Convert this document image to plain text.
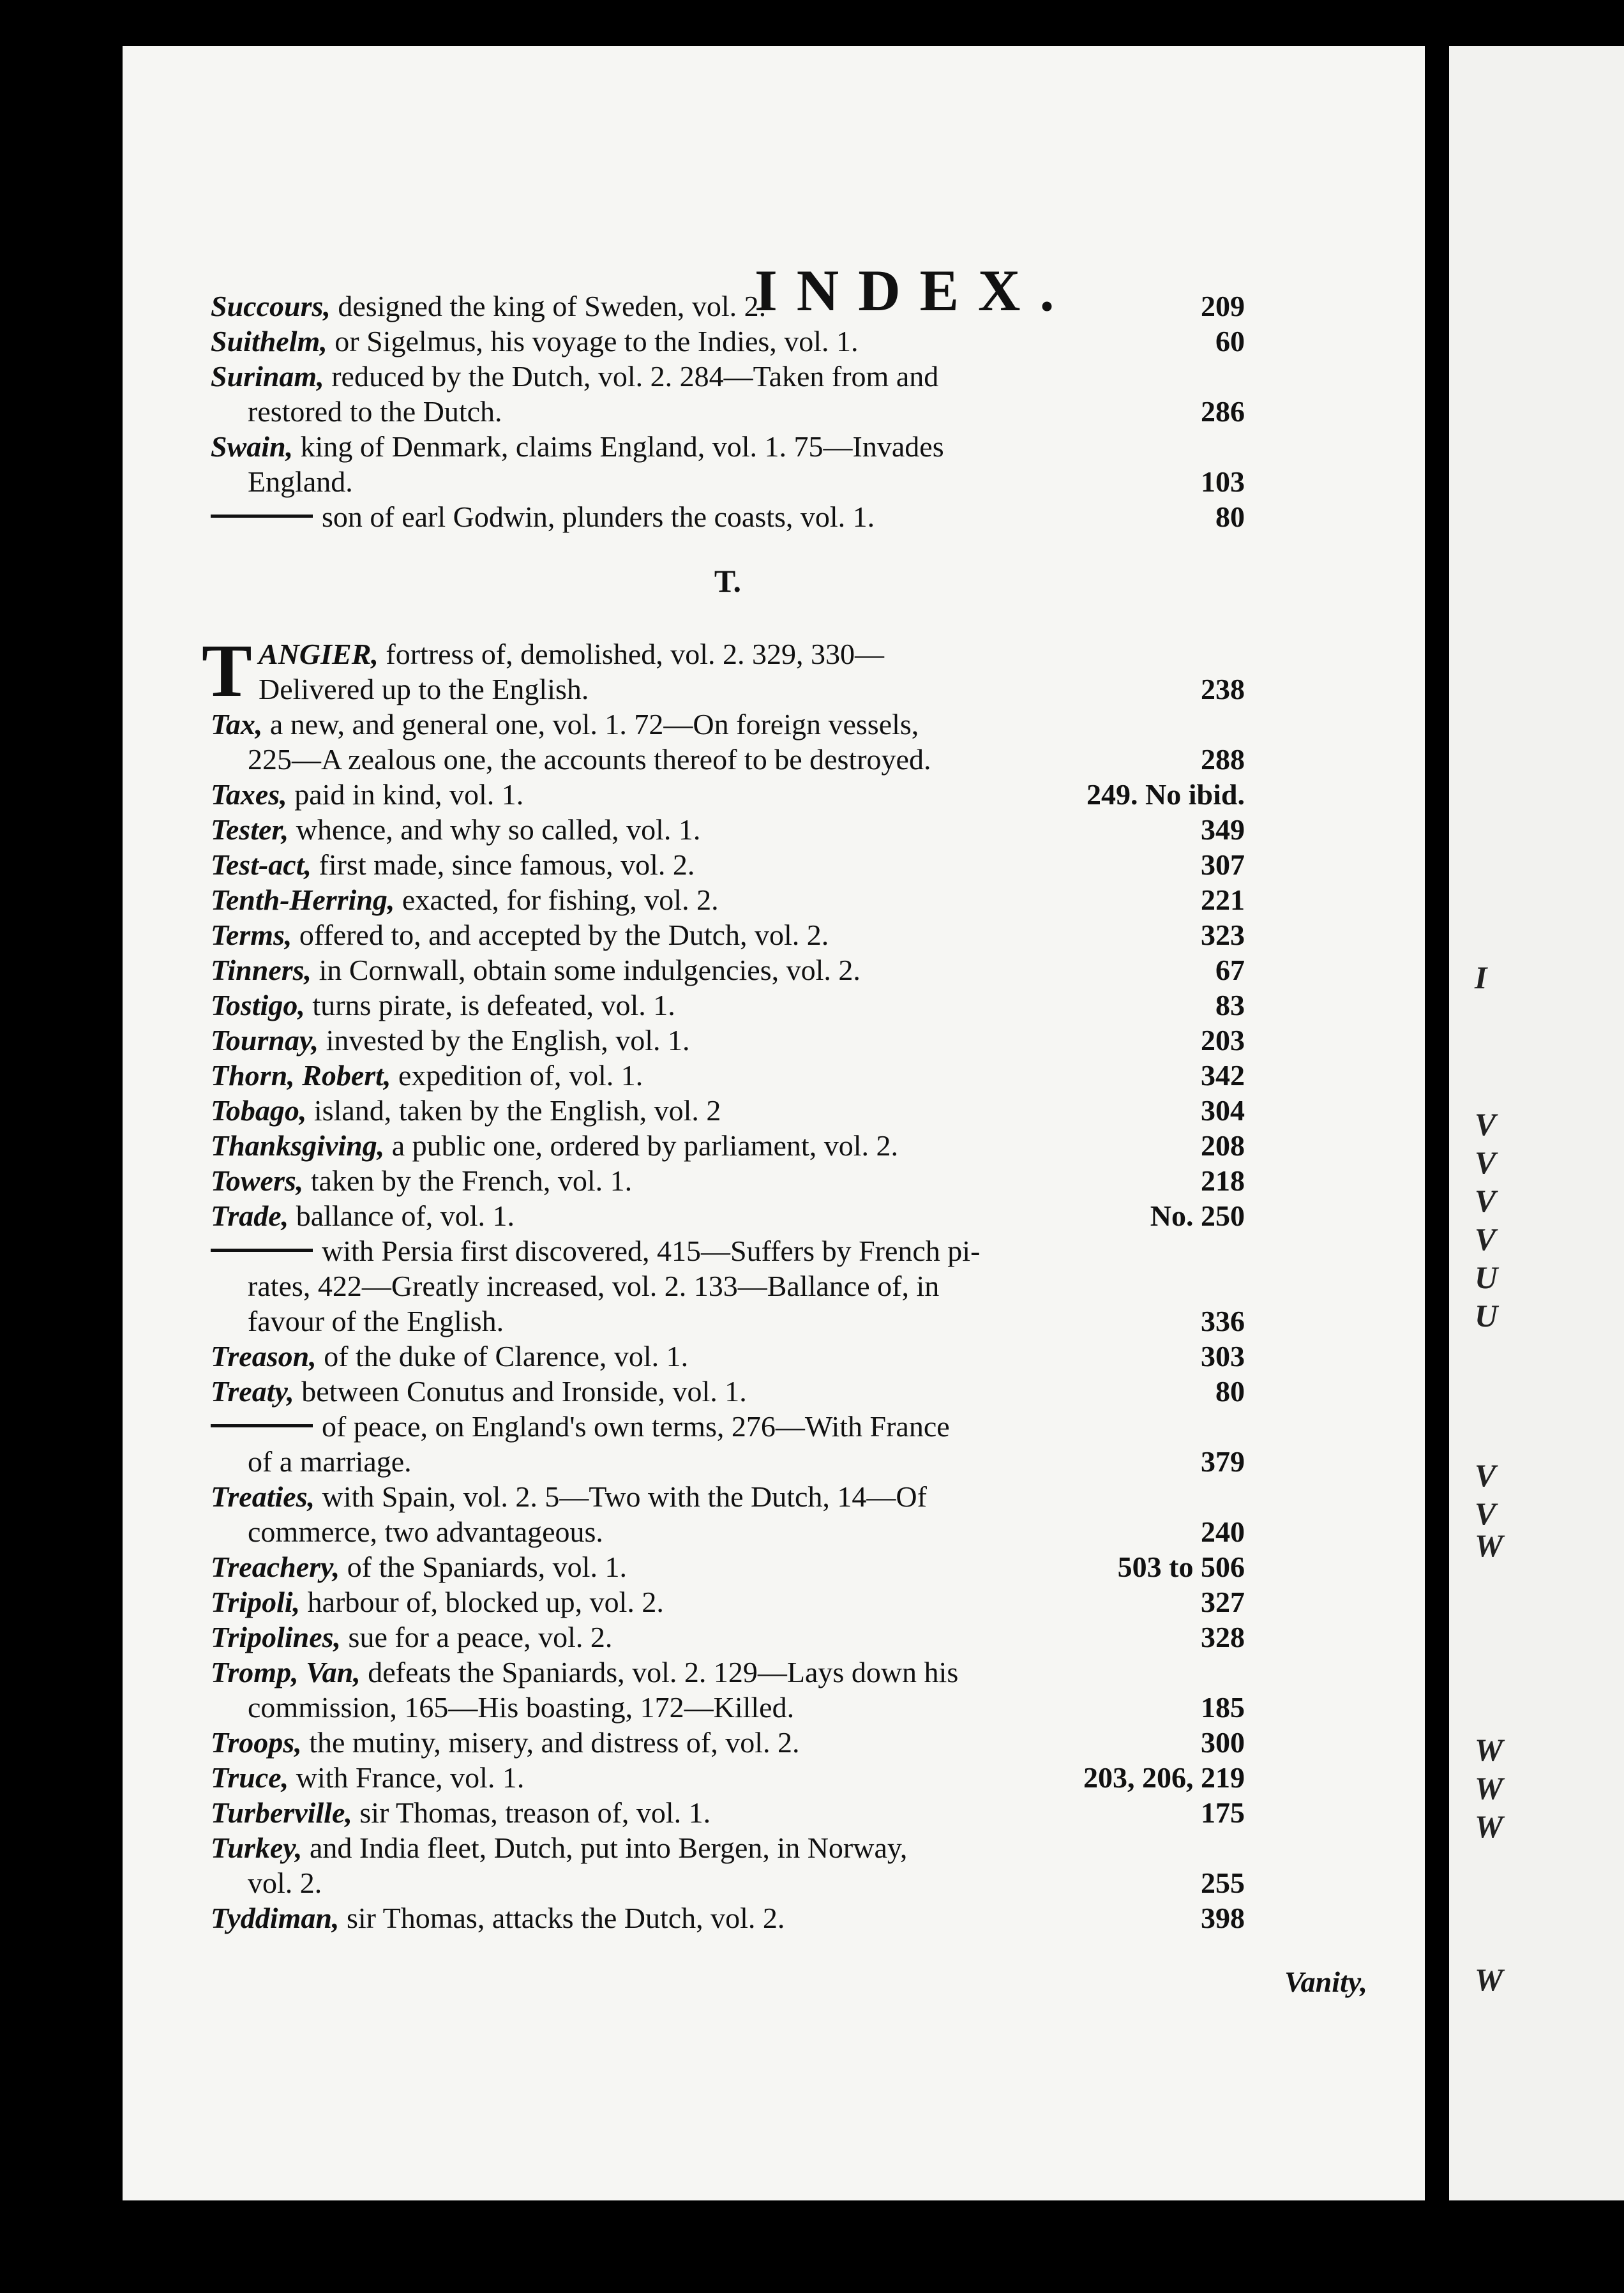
INDEX.
Vanity,
I
V
V
V
V
U
U
V
V
W
W
W
W
W
Succours, designed the king of Sweden, vol. 2.	209
Suithelm, or Sigelmus, his voyage to the Indies, vol. 1.	60
Surinam, reduced by the Dutch, vol. 2. 284—Taken from and
restored to the Dutch.	286
Swain, king of Denmark, claims England, vol. 1. 75—Invades
England.	103
son of earl Godwin, plunders the coasts, vol. 1.	80
T.
T ANGIER, fortress of, demolished, vol. 2. 329, 330—
Delivered up to the English.	238
Tax, a new, and general one, vol. 1. 72—On foreign vessels,
225—A zealous one, the accounts thereof to be destroyed.	288
Taxes, paid in kind, vol. 1.	249. No ibid.
Tester, whence, and why so called, vol. 1.	349
Test-act, first made, since famous, vol. 2.	307
Tenth-Herring, exacted, for fishing, vol. 2.	221
Terms, offered to, and accepted by the Dutch, vol. 2.	323
Tinners, in Cornwall, obtain some indulgencies, vol. 2.	67
Tostigo, turns pirate, is defeated, vol. 1.	83
Tournay, invested by the English, vol. 1.	203
Thorn, Robert, expedition of, vol. 1.	342
Tobago, island, taken by the English, vol. 2	304
Thanksgiving, a public one, ordered by parliament, vol. 2.	208
Towers, taken by the French, vol. 1.	218
Trade, ballance of, vol. 1.	No. 250
with Persia first discovered, 415—Suffers by French pi-
rates, 422—Greatly increased, vol. 2. 133—Ballance of, in
favour of the English.	336
Treason, of the duke of Clarence, vol. 1.	303
Treaty, between Conutus and Ironside, vol. 1.	80
of peace, on England's own terms, 276—With France
of a marriage.	379
Treaties, with Spain, vol. 2. 5—Two with the Dutch, 14—Of
commerce, two advantageous.	240
Treachery, of the Spaniards, vol. 1.	503 to 506
Tripoli, harbour of, blocked up, vol. 2.	327
Tripolines, sue for a peace, vol. 2.	328
Tromp, Van, defeats the Spaniards, vol. 2. 129—Lays down his
commission, 165—His boasting, 172—Killed.	185
Troops, the mutiny, misery, and distress of, vol. 2.	300
Truce, with France, vol. 1.	203, 206, 219
Turberville, sir Thomas, treason of, vol. 1.	175
Turkey, and India fleet, Dutch, put into Bergen, in Norway,
vol. 2.	255
Tyddiman, sir Thomas, attacks the Dutch, vol. 2.	398
